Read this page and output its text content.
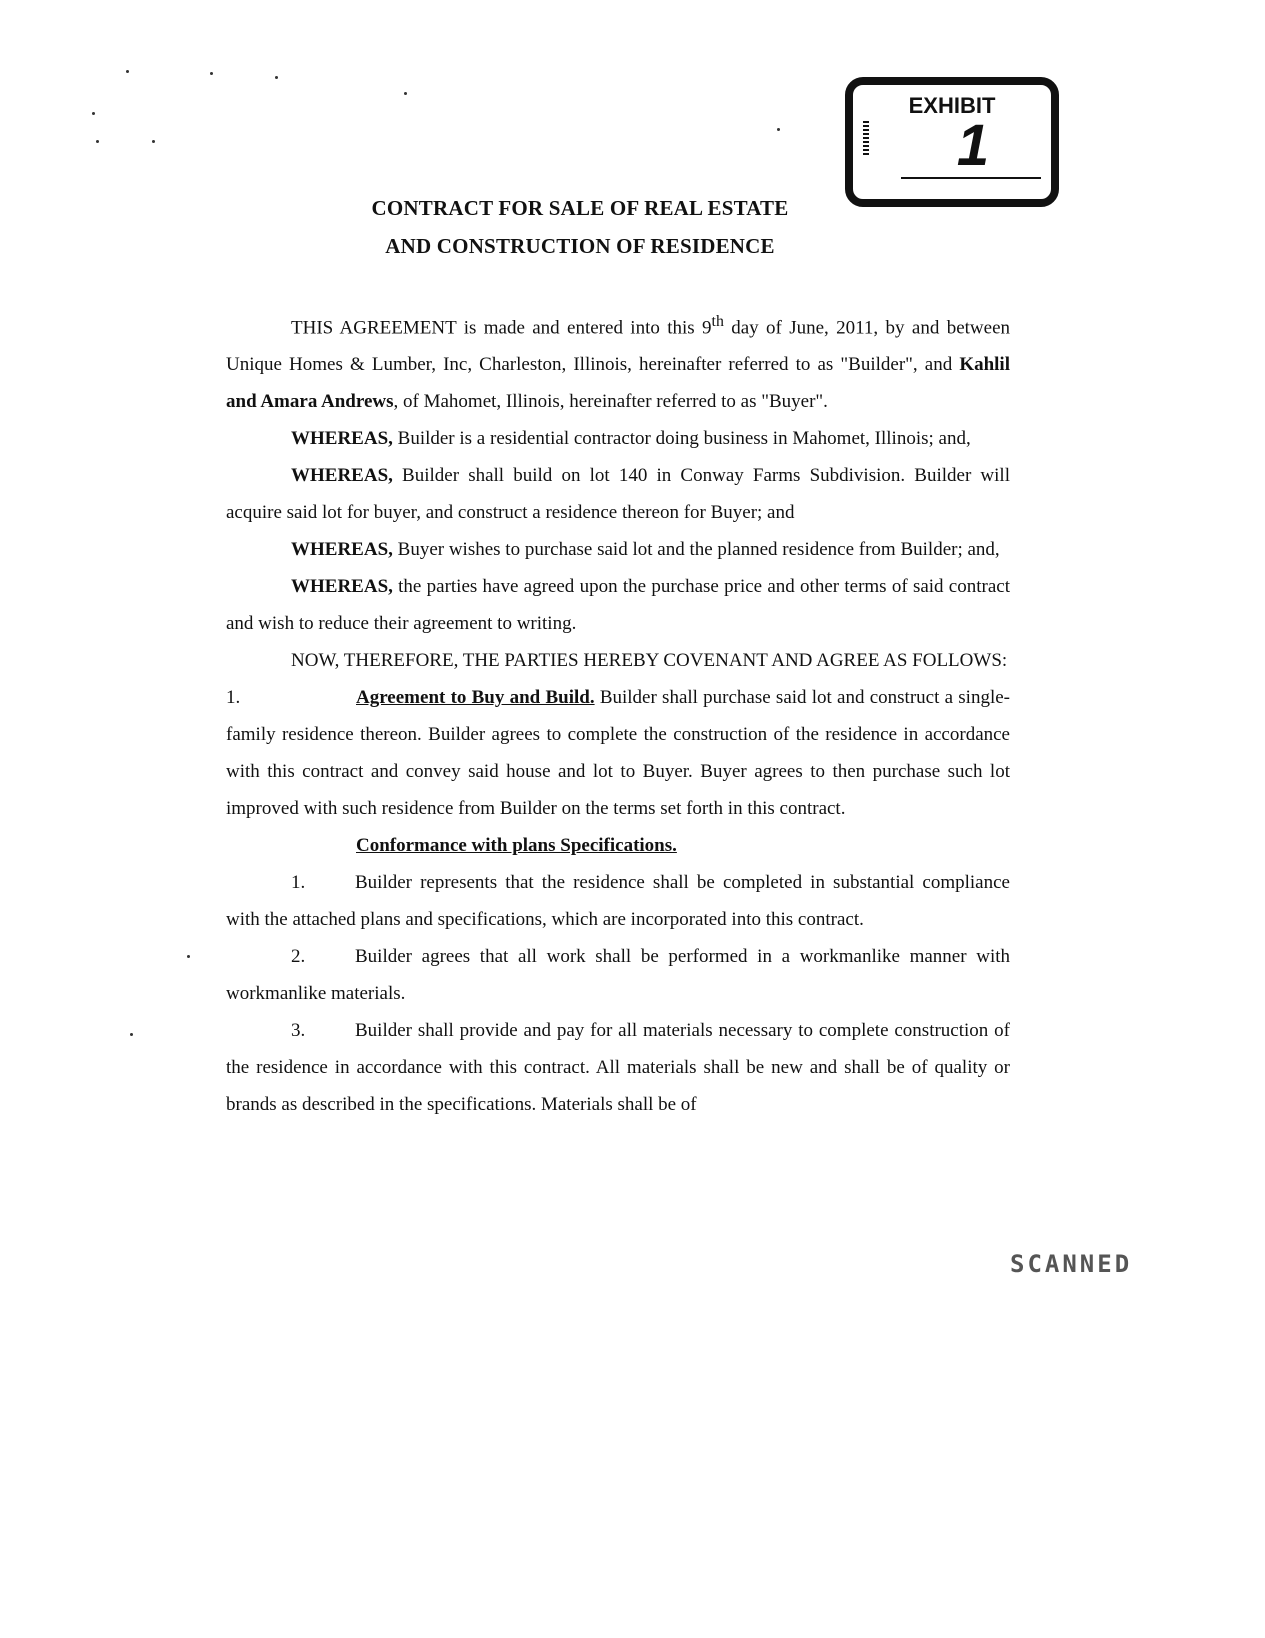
EXHIBIT
1
CONTRACT FOR SALE OF REAL ESTATE
AND CONSTRUCTION OF RESIDENCE

THIS AGREEMENT is made and entered into this 9th day of June, 2011, by and between Unique Homes & Lumber, Inc, Charleston, Illinois, hereinafter referred to as "Builder", and Kahlil and Amara Andrews, of Mahomet, Illinois, hereinafter referred to as "Buyer".

WHEREAS, Builder is a residential contractor doing business in Mahomet, Illinois; and,

WHEREAS, Builder shall build on lot 140 in Conway Farms Subdivision. Builder will acquire said lot for buyer, and construct a residence thereon for Buyer; and

WHEREAS, Buyer wishes to purchase said lot and the planned residence from Builder; and,

WHEREAS, the parties have agreed upon the purchase price and other terms of said contract and wish to reduce their agreement to writing.

NOW, THEREFORE, THE PARTIES HEREBY COVENANT AND AGREE AS FOLLOWS:

1.	Agreement to Buy and Build. Builder shall purchase said lot and construct a single-family residence thereon. Builder agrees to complete the construction of the residence in accordance with this contract and convey said house and lot to Buyer. Buyer agrees to then purchase such lot improved with such residence from Builder on the terms set forth in this contract.

Conformance with plans Specifications.

1.	Builder represents that the residence shall be completed in substantial compliance with the attached plans and specifications, which are incorporated into this contract.

2.	Builder agrees that all work shall be performed in a workmanlike manner with workmanlike materials.

3.	Builder shall provide and pay for all materials necessary to complete construction of the residence in accordance with this contract. All materials shall be new and shall be of quality or brands as described in the specifications. Materials shall be of

SCANNED
